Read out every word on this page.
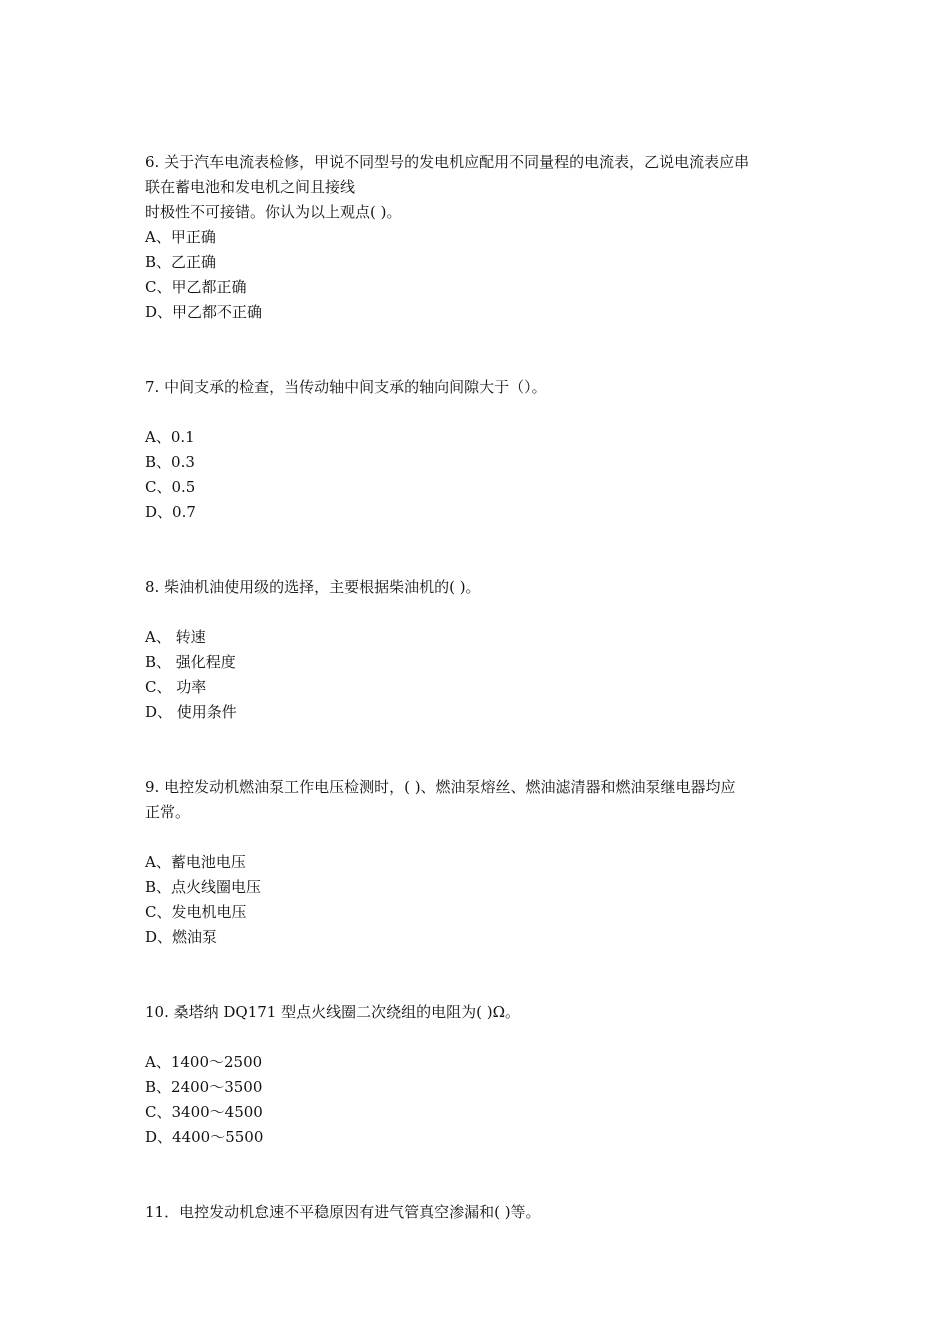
6. 关于汽车电流表检修，甲说不同型号的发电机应配用不同量程的电流表，乙说电流表应串
联在蓄电池和发电机之间且接线
时极性不可接错。你认为以上观点( )。
A、甲正确
B、乙正确
C、甲乙都正确
D、甲乙都不正确
7. 中间支承的检查，当传动轴中间支承的轴向间隙大于（）。
A、0.1
B、0.3
C、0.5
D、0.7
8. 柴油机油使用级的选择，主要根据柴油机的( )。
A、 转速
B、 强化程度
C、 功率
D、 使用条件
9. 电控发动机燃油泵工作电压检测时，( )、燃油泵熔丝、燃油滤清器和燃油泵继电器均应
正常。
A、蓄电池电压
B、点火线圈电压
C、发电机电压
D、燃油泵
10. 桑塔纳 DQ171 型点火线圈二次绕组的电阻为( )Ω。
A、1400～2500
B、2400～3500
C、3400～4500
D、4400～5500
11．电控发动机怠速不平稳原因有进气管真空渗漏和( )等。
